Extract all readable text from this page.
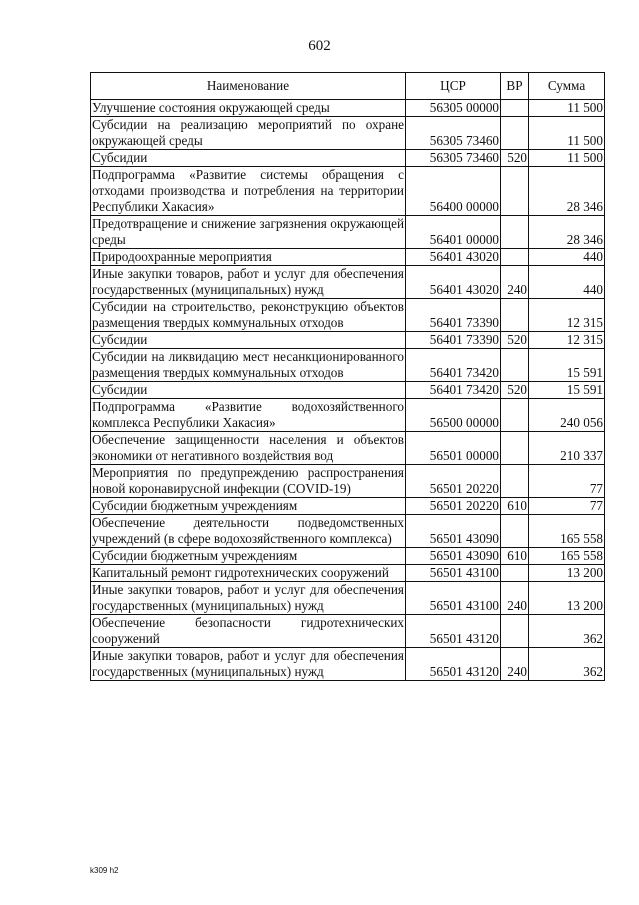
602
Наименование	ЦСР	ВР	Сумма
Улучшение состояния окружающей среды	56305 00000		11 500
Субсидии на реализацию мероприятий по охране окружающей среды	56305 73460		11 500
Субсидии	56305 73460	520	11 500
Подпрограмма «Развитие системы обращения с отходами производства и потребления на территории Республики Хакасия»	56400 00000		28 346
Предотвращение и снижение загрязнения окружающей среды	56401 00000		28 346
Природоохранные мероприятия	56401 43020		440
Иные закупки товаров, работ и услуг для обеспечения государственных (муниципальных) нужд	56401 43020	240	440
Субсидии на строительство, реконструкцию объектов размещения твердых коммунальных отходов	56401 73390		12 315
Субсидии	56401 73390	520	12 315
Субсидии на ликвидацию мест несанкционированного размещения твердых коммунальных отходов	56401 73420		15 591
Субсидии	56401 73420	520	15 591
Подпрограмма «Развитие водохозяйственного комплекса Республики Хакасия»	56500 00000		240 056
Обеспечение защищенности населения и объектов экономики от негативного воздействия вод	56501 00000		210 337
Мероприятия по предупреждению распространения новой коронавирусной инфекции (COVID-19)	56501 20220		77
Субсидии бюджетным учреждениям	56501 20220	610	77
Обеспечение деятельности подведомственных учреждений (в сфере водохозяйственного комплекса)	56501 43090		165 558
Субсидии бюджетным учреждениям	56501 43090	610	165 558
Капитальный ремонт гидротехнических сооружений	56501 43100		13 200
Иные закупки товаров, работ и услуг для обеспечения государственных (муниципальных) нужд	56501 43100	240	13 200
Обеспечение безопасности гидротехнических сооружений	56501 43120		362
Иные закупки товаров, работ и услуг для обеспечения государственных (муниципальных) нужд	56501 43120	240	362
k309 h2
